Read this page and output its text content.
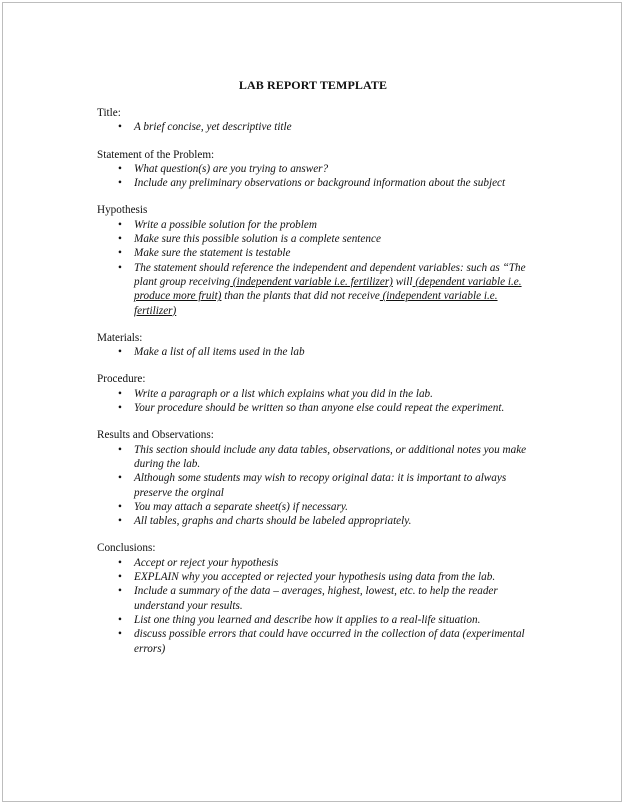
LAB REPORT TEMPLATE
Title:
• A brief concise, yet descriptive title
Statement of the Problem:
• What question(s) are you trying to answer?
• Include any preliminary observations or background information about the subject
Hypothesis
• Write a possible solution for the problem
• Make sure this possible solution is a complete sentence
• Make sure the statement is testable
• The statement should reference the independent and dependent variables: such as “The plant group receiving (independent variable i.e. fertilizer) will (dependent variable i.e. produce more fruit) than the plants that did not receive (independent variable i.e. fertilizer)
Materials:
• Make a list of all items used in the lab
Procedure:
• Write a paragraph or a list which explains what you did in the lab.
• Your procedure should be written so than anyone else could repeat the experiment.
Results and Observations:
• This section should include any data tables, observations, or additional notes you make during the lab.
• Although some students may wish to recopy original data: it is important to always preserve the orginal
• You may attach a separate sheet(s) if necessary.
• All tables, graphs and charts should be labeled appropriately.
Conclusions:
• Accept or reject your hypothesis
• EXPLAIN why you accepted or rejected your hypothesis using data from the lab.
• Include a summary of the data – averages, highest, lowest, etc. to help the reader understand your results.
• List one thing you learned and describe how it applies to a real-life situation.
• discuss possible errors that could have occurred in the collection of data (experimental errors)
